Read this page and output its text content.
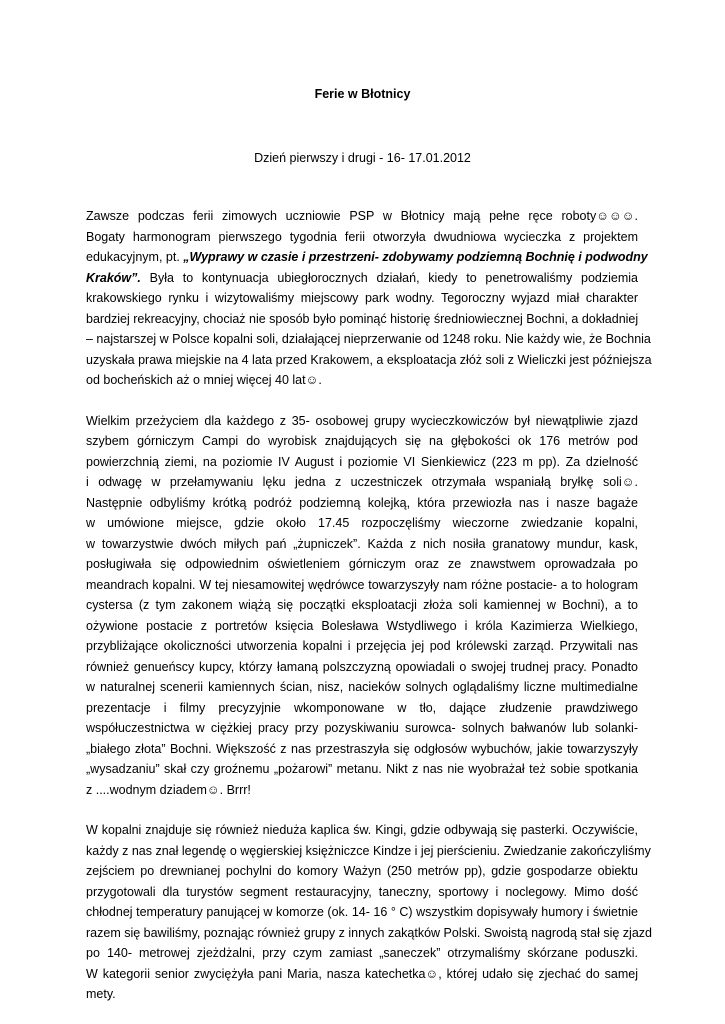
Ferie w Błotnicy
Dzień pierwszy i drugi - 16- 17.01.2012
Zawsze podczas ferii zimowych uczniowie PSP w Błotnicy mają pełne ręce roboty☺☺☺.
Bogaty harmonogram pierwszego tygodnia ferii otworzyła dwudniowa wycieczka z projektem
edukacyjnym, pt. „Wyprawy w czasie i przestrzeni- zdobywamy podziemną Bochnię i podwodny
Kraków”. Była to kontynuacja ubiegłorocznych działań, kiedy to penetrowaliśmy podziemia
krakowskiego rynku i wizytowaliśmy miejscowy park wodny. Tegoroczny wyjazd miał charakter
bardziej rekreacyjny, chociaż nie sposób było pominąć historię średniowiecznej Bochni, a dokładniej
– najstarszej w Polsce kopalni soli, działającej nieprzerwanie od 1248 roku. Nie każdy wie, że Bochnia
uzyskała prawa miejskie na 4 lata przed Krakowem, a eksploatacja złóż soli z Wieliczki jest późniejsza
od bocheńskich aż o mniej więcej 40 lat☺.
Wielkim przeżyciem dla każdego z 35- osobowej grupy wycieczkowiczów był niewątpliwie zjazd
szybem górniczym Campi do wyrobisk znajdujących się na głębokości ok 176 metrów pod
powierzchnią ziemi, na poziomie IV August i poziomie VI Sienkiewicz (223 m pp). Za dzielność
i odwagę w przełamywaniu lęku jedna z uczestniczek otrzymała wspaniałą bryłkę soli☺.
Następnie odbyliśmy krótką podróż podziemną kolejką, która przewiozła nas i nasze bagaże
w umówione miejsce, gdzie około 17.45 rozpoczęliśmy wieczorne zwiedzanie kopalni,
w towarzystwie dwóch miłych pań „żupniczek”. Każda z nich nosiła granatowy mundur, kask,
posługiwała się odpowiednim oświetleniem górniczym oraz ze znawstwem oprowadzała po
meandrach kopalni. W tej niesamowitej wędrówce towarzyszyły nam różne postacie- a to hologram
cystersa (z tym zakonem wiążą się początki eksploatacji złoża soli kamiennej w Bochni), a to
ożywione postacie z portretów księcia Bolesława Wstydliwego i króla Kazimierza Wielkiego,
przybliżające okoliczności utworzenia kopalni i przejęcia jej pod królewski zarząd. Przywitali nas
również genueńscy kupcy, którzy łamaną polszczyzną opowiadali o swojej trudnej pracy. Ponadto
w naturalnej scenerii kamiennych ścian, nisz, nacieków solnych oglądaliśmy liczne multimedialne
prezentacje i filmy precyzyjnie wkomponowane w tło, dające złudzenie prawdziwego
współuczestnictwa w ciężkiej pracy przy pozyskiwaniu surowca- solnych bałwanów lub solanki-
„białego złota” Bochni. Większość z nas przestraszyła się odgłosów wybuchów, jakie towarzyszyły
„wysadzaniu” skał czy groźnemu „pożarowi” metanu. Nikt z nas nie wyobrażał też sobie spotkania
z ....wodnym dziadem☺. Brrr!
W kopalni znajduje się również nieduża kaplica św. Kingi, gdzie odbywają się pasterki. Oczywiście,
każdy z nas znał legendę o węgierskiej księżniczce Kindze i jej pierścieniu. Zwiedzanie zakończyliśmy
zejściem po drewnianej pochylni do komory Ważyn (250 metrów pp), gdzie gospodarze obiektu
przygotowali dla turystów segment restauracyjny, taneczny, sportowy i noclegowy. Mimo dość
chłodnej temperatury panującej w komorze (ok. 14- 16 ° C) wszystkim dopisywały humory i świetnie
razem się bawiliśmy, poznając również grupy z innych zakątków Polski. Swoistą nagrodą stał się zjazd
po 140- metrowej zjeżdżalni, przy czym zamiast „saneczek” otrzymaliśmy skórzane poduszki.
W kategorii senior zwyciężyła pani Maria, nasza katechetka☺, której udało się zjechać do samej
mety.
